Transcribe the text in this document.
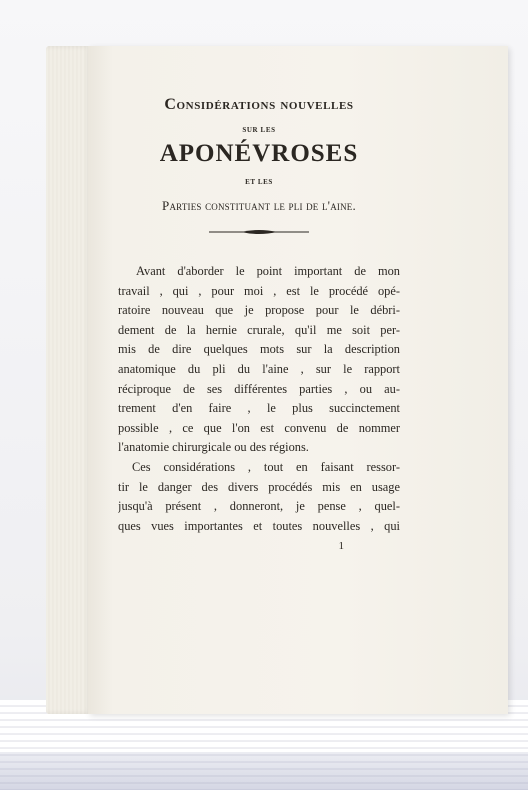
Considérations nouvelles

SUR LES

APONÉVROSES

ET LES

Parties constituant le pli de l'aine.

Avant d'aborder le point important de mon
travail , qui , pour moi , est le procédé opé-
ratoire nouveau que je propose pour le débri-
dement de la hernie crurale, qu'il me soit per-
mis de dire quelques mots sur la description
anatomique du pli du l'aine , sur le rapport
réciproque de ses différentes parties , ou au-
trement d'en faire , le plus succinctement
possible , ce que l'on est convenu de nommer
l'anatomie chirurgicale ou des régions.
Ces considérations , tout en faisant ressor-
tir le danger des divers procédés mis en usage
jusqu'à présent , donneront, je pense , quel-
ques vues importantes et toutes nouvelles , qui
1
